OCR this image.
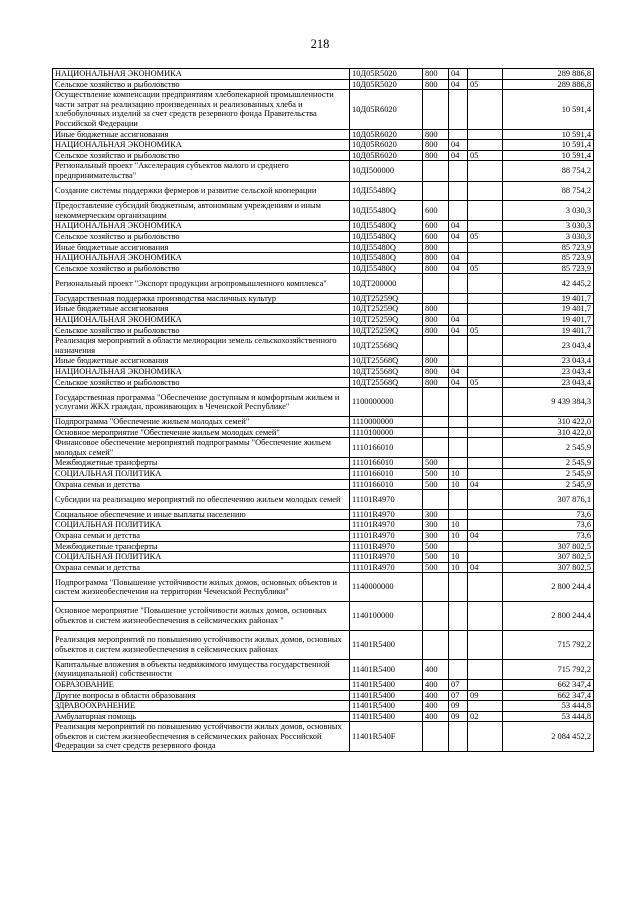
218
НАЦИОНАЛЬНАЯ ЭКОНОМИКА	10Д05R5020	800	04		289 886,8
Сельское хозяйство и рыболовство	10Д05R5020	800	04	05	289 886,8
Осуществление компенсации предприятиям хлебопекарной промышленности части затрат на реализацию произведенных и реализованных хлеба и хлебобулочных изделий за счет средств резервного фонда Правительства Российской Федерации	10Д05R6020				10 591,4
Иные бюджетные ассигнования	10Д05R6020	800			10 591,4
НАЦИОНАЛЬНАЯ ЭКОНОМИКА	10Д05R6020	800	04		10 591,4
Сельское хозяйство и рыболовство	10Д05R6020	800	04	05	10 591,4
Региональный проект "Акселерация субъектов малого и среднего предпринимательства"	10ДI500000				88 754,2
Создание системы поддержки фермеров и развитие сельской кооперации	10ДI55480Q				88 754,2
Предоставление субсидий бюджетным, автономным учреждениям и иным некоммерческим организациям	10ДI55480Q	600			3 030,3
НАЦИОНАЛЬНАЯ ЭКОНОМИКА	10ДI55480Q	600	04		3 030,3
Сельское хозяйство и рыболовство	10ДI55480Q	600	04	05	3 030,3
Иные бюджетные ассигнования	10ДI55480Q	800			85 723,9
НАЦИОНАЛЬНАЯ ЭКОНОМИКА	10ДI55480Q	800	04		85 723,9
Сельское хозяйство и рыболовство	10ДI55480Q	800	04	05	85 723,9
Региональный проект "Экспорт продукции агропромышленного комплекса"	10ДТ200000				42 445,2
Государственная поддержка производства масличных культур	10ДТ25259Q				19 401,7
Иные бюджетные ассигнования	10ДТ25259Q	800			19 401,7
НАЦИОНАЛЬНАЯ ЭКОНОМИКА	10ДТ25259Q	800	04		19 401,7
Сельское хозяйство и рыболовство	10ДТ25259Q	800	04	05	19 401,7
Реализация мероприятий в области мелиорации земель сельскохозяйственного назначения	10ДТ25568Q				23 043,4
Иные бюджетные ассигнования	10ДТ25568Q	800			23 043,4
НАЦИОНАЛЬНАЯ ЭКОНОМИКА	10ДТ25568Q	800	04		23 043,4
Сельское хозяйство и рыболовство	10ДТ25568Q	800	04	05	23 043,4
Государственная программа "Обеспечение доступным и комфортным жильем и услугами ЖКХ граждан, проживающих в Чеченской Республике"	1100000000				9 439 384,3
Подпрограмма "Обеспечение жильем молодых семей"	1110000000				310 422,0
Основное мероприятие "Обеспечение жильем молодых семей"	1110100000				310 422,0
Финансовое обеспечение мероприятий подпрограммы "Обеспечение жильем молодых семей"	1110166010				2 545,9
Межбюджетные трансферты	1110166010	500			2 545,9
СОЦИАЛЬНАЯ ПОЛИТИКА	1110166010	500	10		2 545,9
Охрана семьи и детства	1110166010	500	10	04	2 545,9
Субсидии на реализацию мероприятий по обеспечению жильем молодых семей	11101R4970				307 876,1
Социальное обеспечение и иные выплаты населению	11101R4970	300			73,6
СОЦИАЛЬНАЯ ПОЛИТИКА	11101R4970	300	10		73,6
Охрана семьи и детства	11101R4970	300	10	04	73,6
Межбюджетные трансферты	11101R4970	500			307 802,5
СОЦИАЛЬНАЯ ПОЛИТИКА	11101R4970	500	10		307 802,5
Охрана семьи и детства	11101R4970	500	10	04	307 802,5
Подпрограмма "Повышение устойчивости жилых домов, основных объектов и систем жизнеобеспечения на территории Чеченской Республики"	1140000000				2 800 244,4
Основное мероприятие "Повышение устойчивости жилых домов, основных объектов и систем жизнеобеспечения в сейсмических районах "	1140100000				2 800 244,4
Реализация мероприятий по повышению устойчивости жилых домов, основных объектов и систем жизнеобеспечения в сейсмических районах	11401R5400				715 792,2
Капитальные вложения в объекты недвижимого имущества государственной (муниципальной) собственности	11401R5400	400			715 792,2
ОБРАЗОВАНИЕ	11401R5400	400	07		662 347,4
Другие вопросы в области образования	11401R5400	400	07	09	662 347,4
ЗДРАВООХРАНЕНИЕ	11401R5400	400	09		53 444,8
Амбулаторная помощь	11401R5400	400	09	02	53 444,8
Реализация мероприятий по повышению устойчивости жилых домов, основных объектов и систем жизнеобеспечения в сейсмических районах Российской Федерации за счет средств резервного фонда	11401R540F				2 084 452,2
